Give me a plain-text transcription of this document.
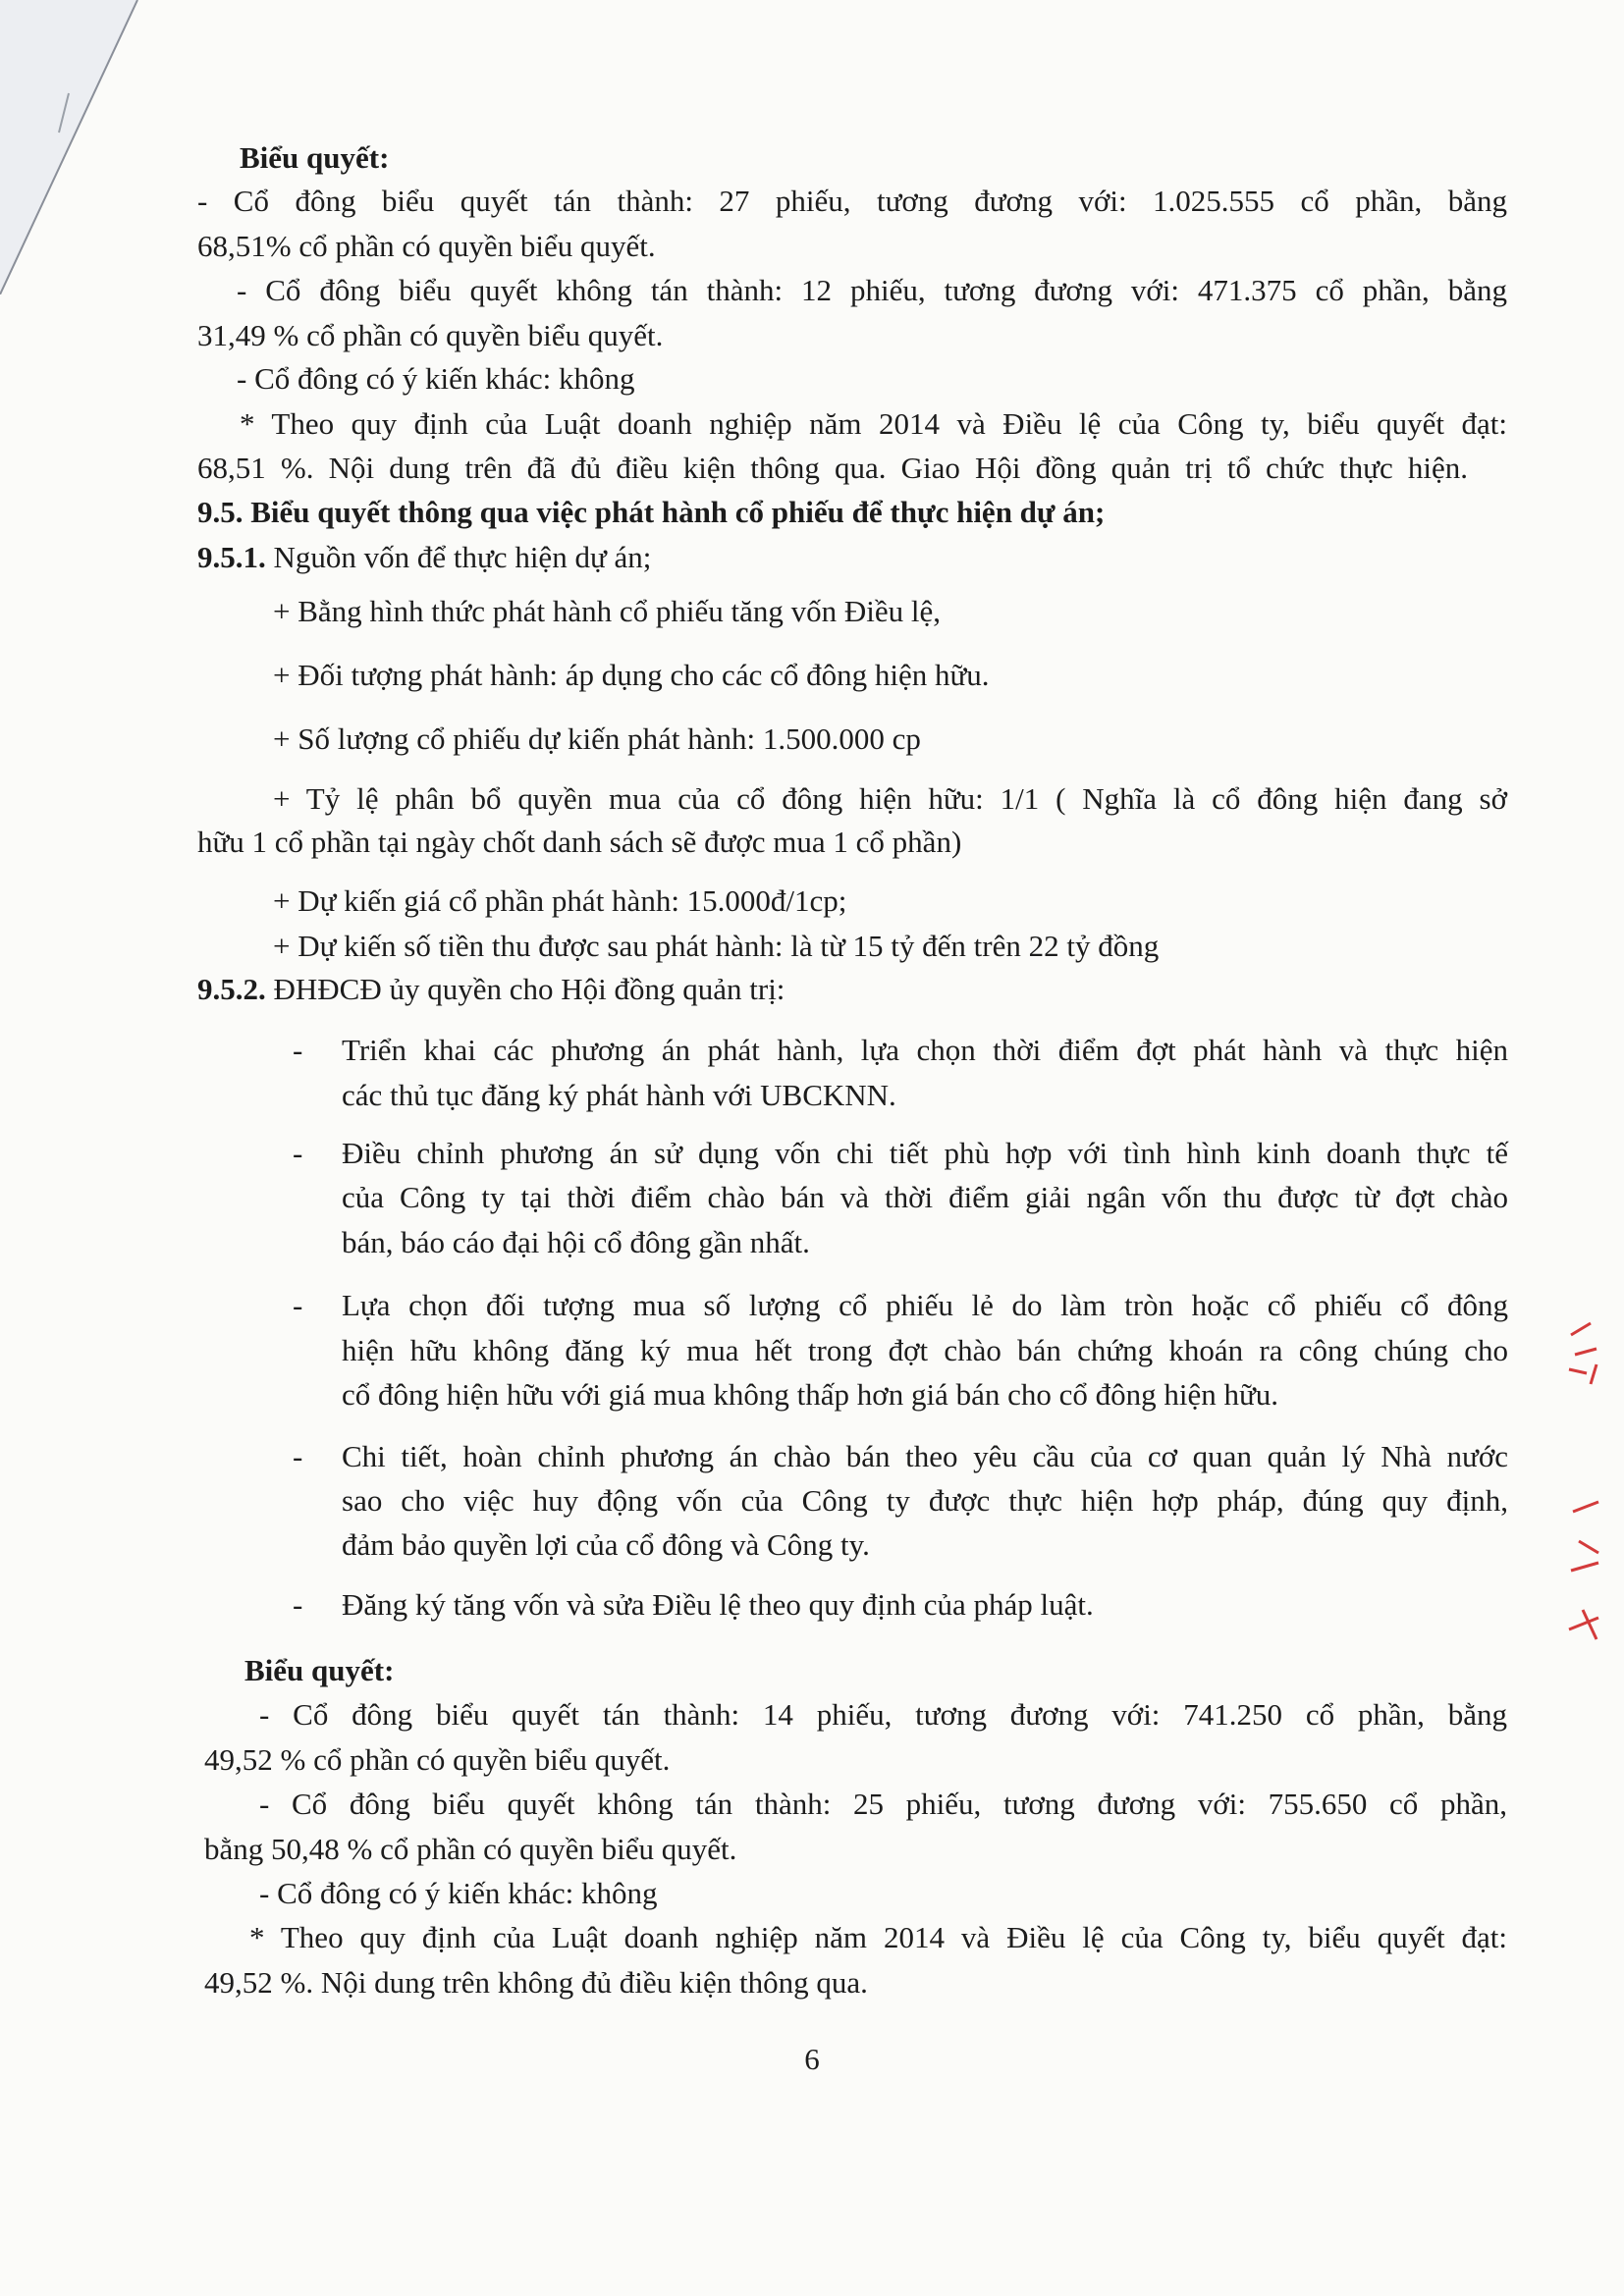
Biểu quyết:
- Cổ đông biểu quyết tán thành: 27 phiếu, tương đương với: 1.025.555 cổ phần, bằng
68,51% cổ phần có quyền biểu quyết.
- Cổ đông biểu quyết không tán thành: 12 phiếu, tương đương với: 471.375 cổ phần, bằng
31,49 % cổ phần có quyền biểu quyết.
- Cổ đông có ý kiến khác: không
* Theo quy định của Luật doanh nghiệp năm 2014 và Điều lệ của Công ty, biểu quyết đạt:
68,51 %. Nội dung trên đã đủ điều kiện thông qua. Giao Hội đồng quản trị tổ chức thực hiện.
9.5. Biểu quyết thông qua việc phát hành cổ phiếu để thực hiện dự án;
9.5.1. Nguồn vốn để thực hiện dự án;
+ Bằng hình thức phát hành cổ phiếu tăng vốn Điều lệ,
+ Đối tượng phát hành: áp dụng cho các cổ đông hiện hữu.
+ Số lượng cổ phiếu dự kiến phát hành: 1.500.000 cp
+ Tỷ lệ phân bổ quyền mua của cổ đông hiện hữu: 1/1 ( Nghĩa là cổ đông hiện đang sở
hữu 1 cổ phần tại ngày chốt danh sách sẽ được mua 1 cổ phần)
+ Dự kiến giá cổ phần phát hành: 15.000đ/1cp;
+ Dự kiến số tiền thu được sau phát hành: là từ 15 tỷ đến trên 22 tỷ đồng
9.5.2. ĐHĐCĐ ủy quyền cho Hội đồng quản trị:
- Triển khai các phương án phát hành, lựa chọn thời điểm đợt phát hành và thực hiện
các thủ tục đăng ký phát hành với UBCKNN.
- Điều chỉnh phương án sử dụng vốn chi tiết phù hợp với tình hình kinh doanh thực tế
của Công ty tại thời điểm chào bán và thời điểm giải ngân vốn thu được từ đợt chào
bán, báo cáo đại hội cổ đông gần nhất.
- Lựa chọn đối tượng mua số lượng cổ phiếu lẻ do làm tròn hoặc cổ phiếu cổ đông
hiện hữu không đăng ký mua hết trong đợt chào bán chứng khoán ra công chúng cho
cổ đông hiện hữu với giá mua không thấp hơn giá bán cho cổ đông hiện hữu.
- Chi tiết, hoàn chỉnh phương án chào bán theo yêu cầu của cơ quan quản lý Nhà nước
sao cho việc huy động vốn của Công ty được thực hiện hợp pháp, đúng quy định,
đảm bảo quyền lợi của cổ đông và Công ty.
- Đăng ký tăng vốn và sửa Điều lệ theo quy định của pháp luật.
Biểu quyết:
- Cổ đông biểu quyết tán thành: 14 phiếu, tương đương với: 741.250 cổ phần, bằng
49,52 % cổ phần có quyền biểu quyết.
- Cổ đông biểu quyết không tán thành: 25 phiếu, tương đương với: 755.650 cổ phần,
bằng 50,48 % cổ phần có quyền biểu quyết.
- Cổ đông có ý kiến khác: không
* Theo quy định của Luật doanh nghiệp năm 2014 và Điều lệ của Công ty, biểu quyết đạt:
49,52 %. Nội dung trên không đủ điều kiện thông qua.
6
